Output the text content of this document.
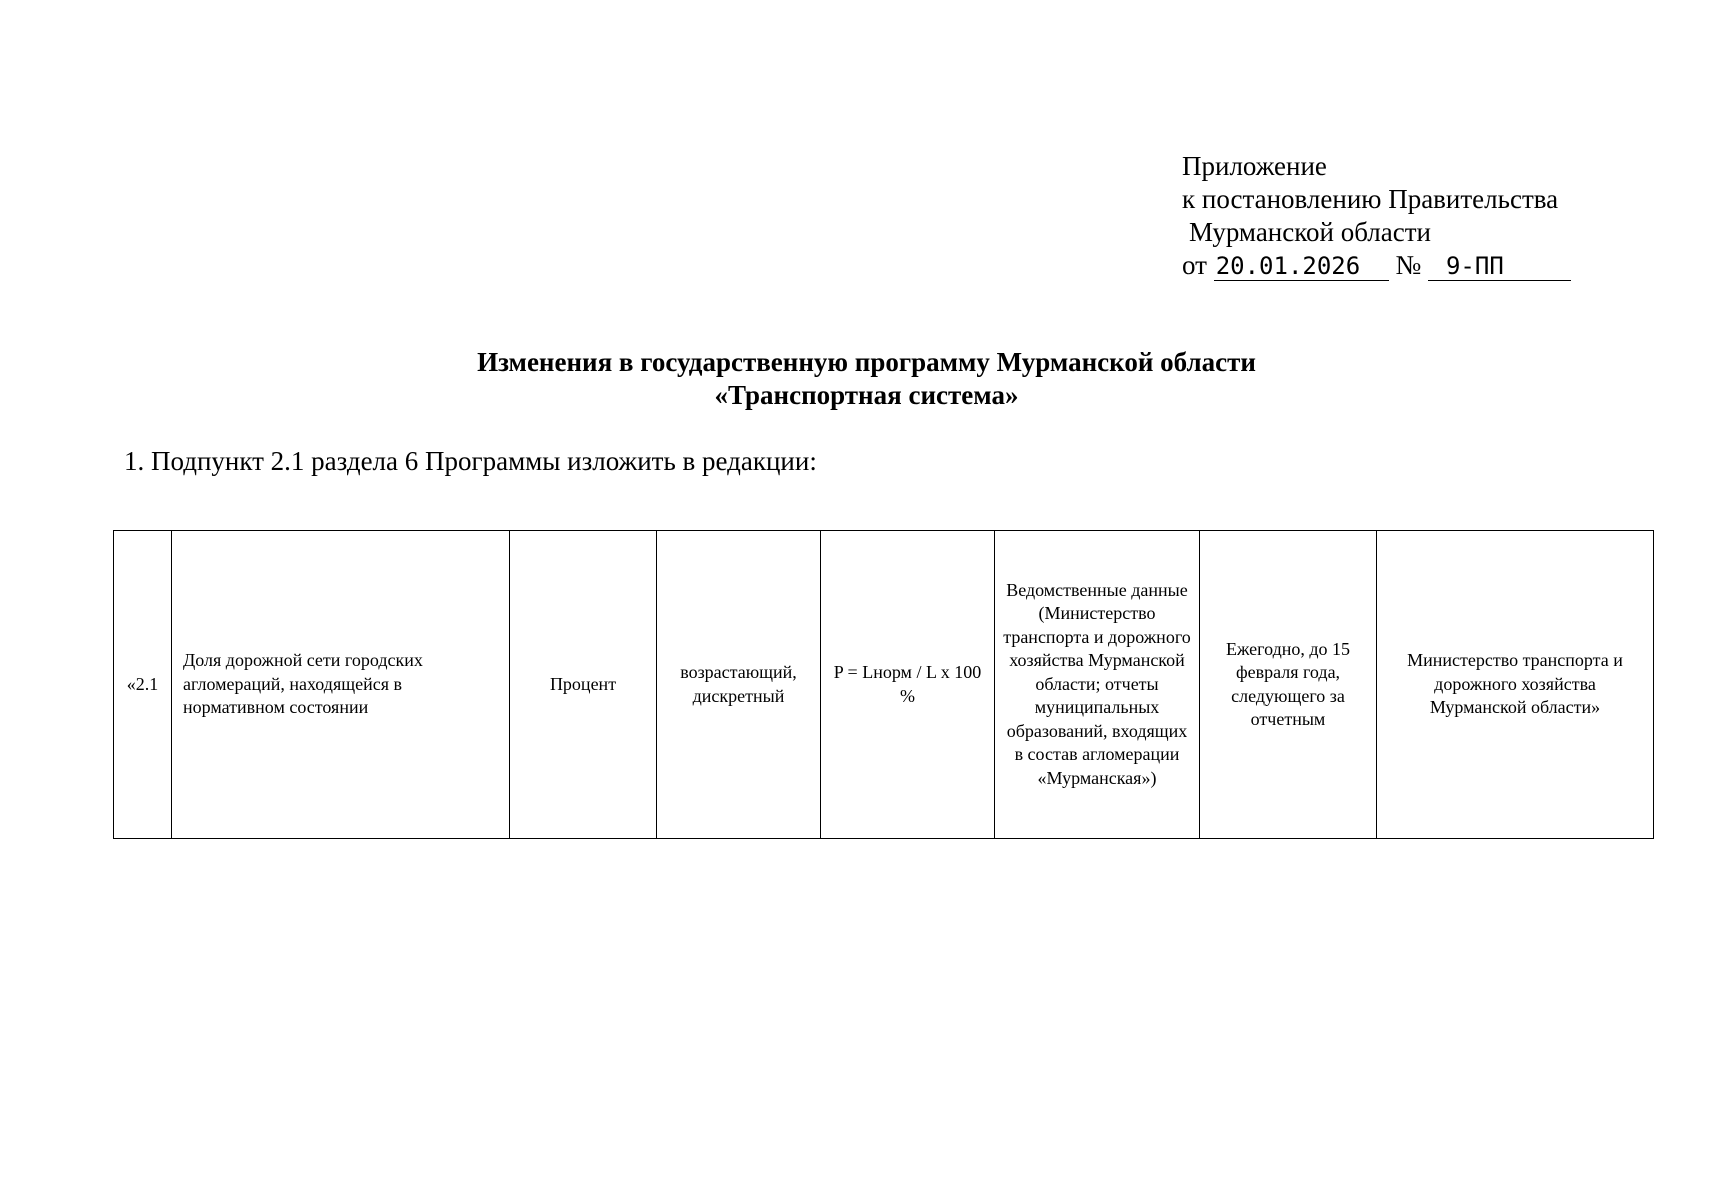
Приложение
к постановлению Правительства
Мурманской области
от 20.01.2026 № 9-ПП
Изменения в государственную программу Мурманской области
«Транспортная система»
1. Подпункт 2.1 раздела 6 Программы изложить в редакции:
«2.1	Доля дорожной сети городских агломераций, находящейся в нормативном состоянии	Процент	возрастающий, дискретный	P = Lнорм / L x 100 %	Ведомственные данные (Министерство транспорта и дорожного хозяйства Мурманской области; отчеты муниципальных образований, входящих в состав агломерации «Мурманская»)	Ежегодно, до 15 февраля года, следующего за отчетным	Министерство транспорта и дорожного хозяйства Мурманской области»
